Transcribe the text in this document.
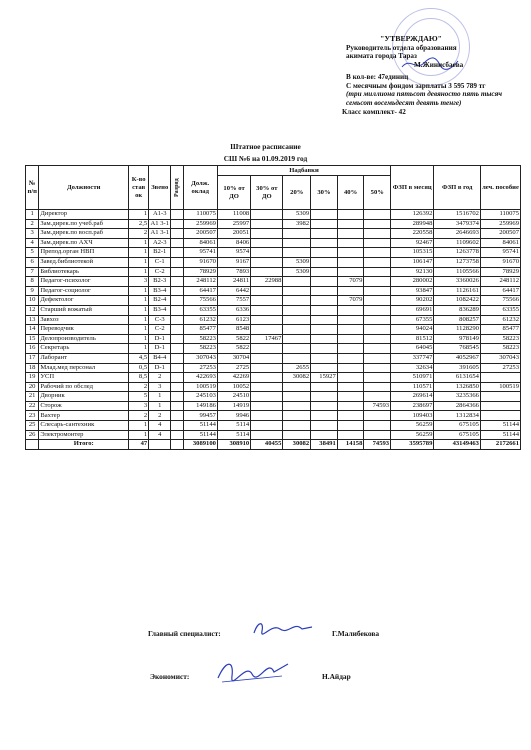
"УТВЕРЖДАЮ"
Руководитель отдела образования
акимата города Тараз
М.Жинисбаева
В кол-ве: 47единиц
С месячным фондом зарплаты 3 595 789 тг
(три миллиона пятьсот девяносто пять тысяч
семьсот восемьдесят девять тенге)
Класс комплект- 42
Штатное расписание
СШ №6 на 01.09.2019 год
№ п/п	Должности	К-во став ок	Звено	Разряд	Долж. оклад	Надбавки						ФЗП в месяц	ФЗП в год	леч. пособие
						10% от ДО	30% от ДО	20%	30%	40%	50%			
1	Директор	1	А1-3		110075	11008		5309				126392	1516702	110075
2	Зам.дирек.по учеб.раб	2,5	А1 3-1		259969	25997		3982				289948	3479374	259969
3	Зам.дирек.по восп.раб	2	А1 3-1		200507	20051						220558	2646693	200507
4	Зам.дирек.по АХЧ	1	А2-3		84061	8406						92467	1109602	84061
5	Препод.орган НВП	1	В2-1		95741	9574						105315	1263778	95741
6	Завед.библиотекой	1	С-1		91670	9167		5309				106147	1273758	91670
7	Библиотекарь	1	С-2		78929	7893		5309				92130	1105566	78929
8	Педагог-психолог	3	В2-3		248112	24811	22988			7079		280002	3360026	248112
9	Педагог-социолог	1	В3-4		64417	6442						93847	1126161	64417
10	Дефектолог	1	В2-4		75566	7557				7079		90202	1082422	75566
12	Старший вожатый	1	В3-4		63355	6336						69691	836289	63355
13	Завхоз	1	С-3		61232	6123						67355	808257	61232
14	Переводчик	1	С-2		85477	8548						94024	1128290	85477
15	Делопроизводитель	1	D-1		58223	5822	17467					81512	978149	58223
16	Секретарь	1	D-1		58223	5822						64045	768545	58223
17	Лаборант	4,5	В4-4		307043	30704						337747	4052967	307043
18	Млад.мед персонал	0,5	D-1		27253	2725		2655				32634	391605	27253
19	УСП	8,5	2		422693	42269		30082	15927			510971	6131654	
20	Рабочий по обслед	2	3		100519	10052						110571	1326850	100519
21	Дворник	5	1		245103	24510						269614	3235366	
22	Сторож	3	1		149186	14919					74593	238697	2864366	
23	Вахтер	2	2		99457	9946						109403	1312834	
25	Слесарь-сантехник	1	4		51144	5114						56259	675105	51144
26	Электромонтер	1	4		51144	5114						56259	675105	51144
	Итого:	47			3089100	308910	40455	30082	38491	14158	74593	3595789	43149463	2172661
Главный специалист:	Г.Малибекова
Экономист:	Н.Айдар
